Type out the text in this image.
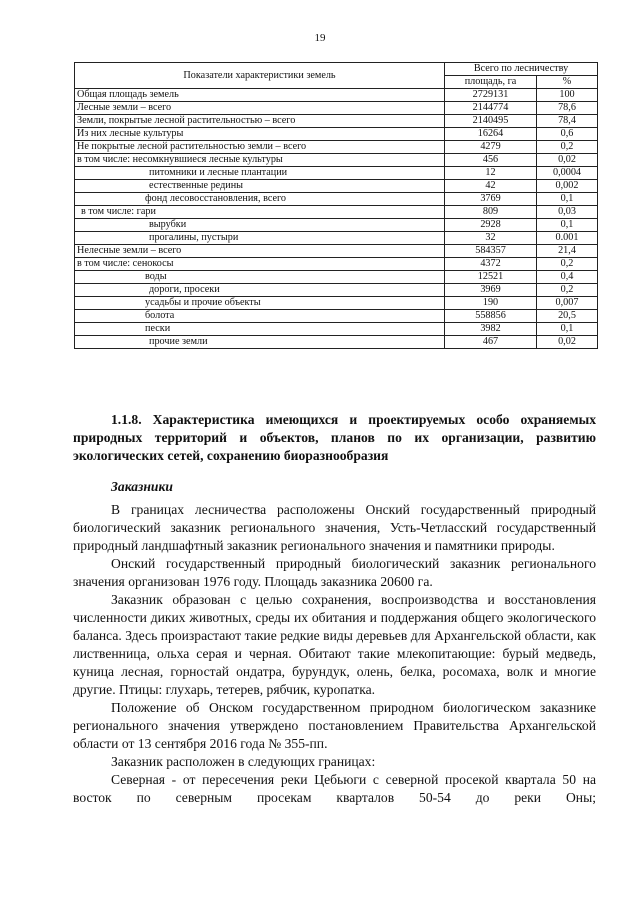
19
Показатели характеристики земель	Всего по лесничеству	
	площадь, га	%
Общая площадь земель	2729131	100
Лесные земли – всего	2144774	78,6
Земли, покрытые лесной растительностью – всего	2140495	78,4
Из них лесные культуры	16264	0,6
Не покрытые лесной растительностью земли – всего	4279	0,2
в том числе: несомкнувшиеся лесные культуры	456	0,02
питомники и лесные плантации	12	0,0004
естественные редины	42	0,002
фонд лесовосстановления, всего	3769	0,1
в том числе: гари	809	0,03
вырубки	2928	0,1
прогалины, пустыри	32	0.001
Нелесные земли – всего	584357	21,4
в том числе: сенокосы	4372	0,2
воды	12521	0,4
дороги, просеки	3969	0,2
усадьбы и прочие объекты	190	0,007
болота	558856	20,5
пески	3982	0,1
прочие земли	467	0,02
1.1.8. Характеристика имеющихся и проектируемых особо охраняемых природных территорий и объектов, планов по их организации, развитию экологических сетей, сохранению биоразнообразия
Заказники

В границах лесничества расположены Онский государственный природный биологический заказник регионального значения, Усть-Четласский государственный природный ландшафтный заказник регионального значения и памятники природы.

Онский государственный природный биологический заказник регионального значения организован 1976 году. Площадь заказника 20600 га.

Заказник образован с целью сохранения, воспроизводства и восстановления численности диких животных, среды их обитания и поддержания общего экологического баланса. Здесь произрастают такие редкие виды деревьев для Архангельской области, как лиственница, ольха серая и черная. Обитают такие млекопитающие: бурый медведь, куница лесная, горностай ондатра, бурундук, олень, белка, росомаха, волк и многие другие. Птицы: глухарь, тетерев, рябчик, куропатка.

Положение об Онском государственном природном биологическом заказнике регионального значения утверждено постановлением Правительства Архангельской области от 13 сентября 2016 года № 355-пп.

Заказник расположен в следующих границах:

Северная - от пересечения реки Цебьюги с северной просекой квартала 50 на восток по северным просекам кварталов 50-54 до реки Оны;
